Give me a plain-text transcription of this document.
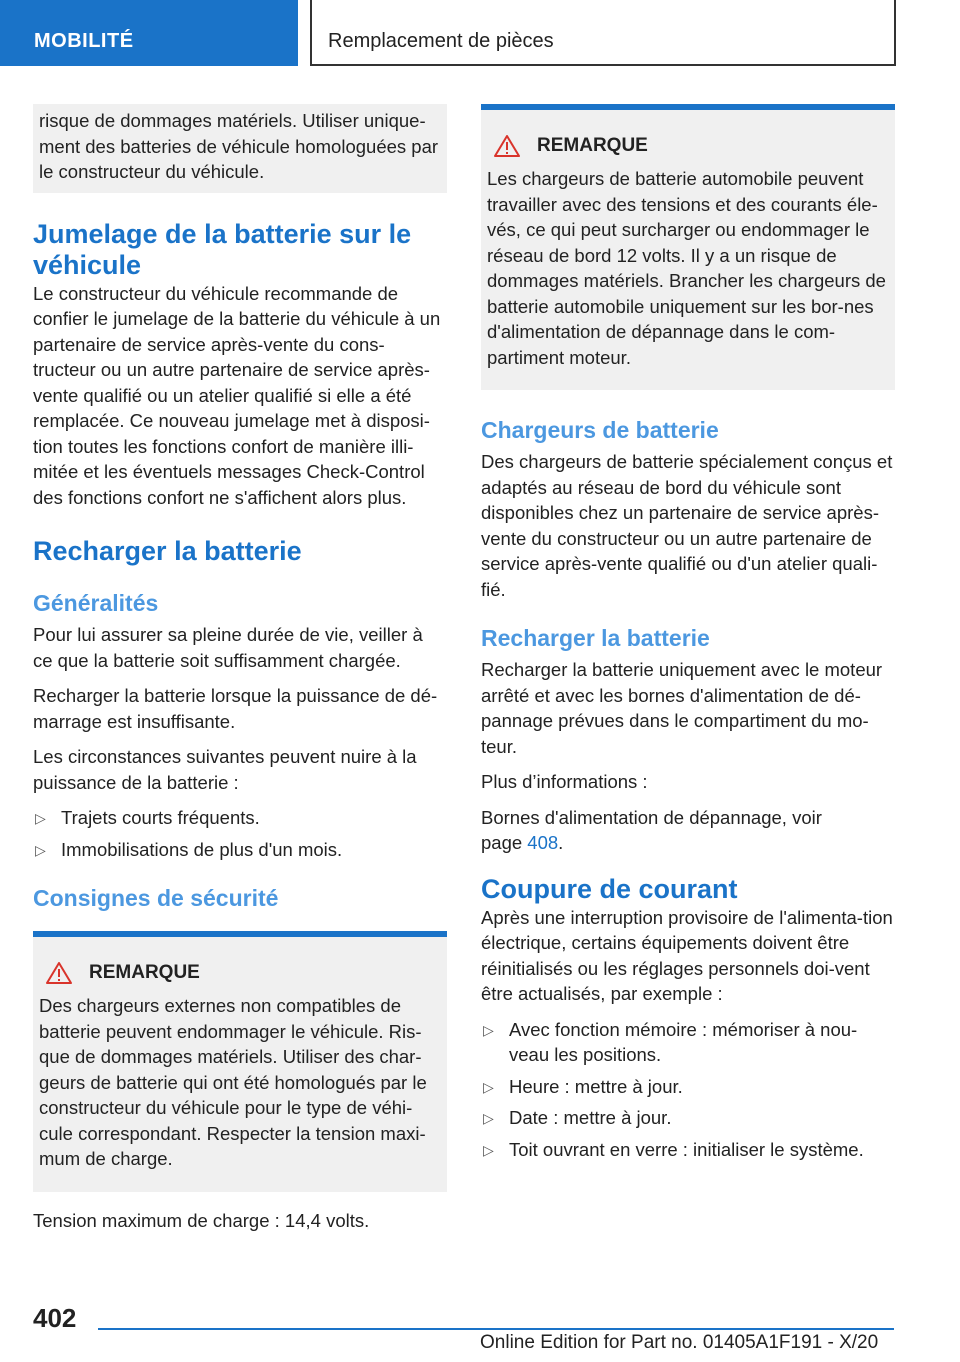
MOBILITÉ	Remplacement de pièces

risque de dommages matériels. Utiliser unique-ment des batteries de véhicule homologuées par le constructeur du véhicule.

Jumelage de la batterie sur le véhicule

Le constructeur du véhicule recommande de confier le jumelage de la batterie du véhicule à un partenaire de service après-vente du cons-tructeur ou un autre partenaire de service après-vente qualifié ou un atelier qualifié si elle a été remplacée. Ce nouveau jumelage met à disposi-tion toutes les fonctions confort de manière illi-mitée et les éventuels messages Check-Control des fonctions confort ne s'affichent alors plus.

Recharger la batterie
Généralités

Pour lui assurer sa pleine durée de vie, veiller à ce que la batterie soit suffisamment chargée.

Recharger la batterie lorsque la puissance de dé-marrage est insuffisante.

Les circonstances suivantes peuvent nuire à la puissance de la batterie :

▷ Trajets courts fréquents.
▷ Immobilisations de plus d'un mois.
Consignes de sécurité
REMARQUE

Des chargeurs externes non compatibles de batterie peuvent endommager le véhicule. Ris-que de dommages matériels. Utiliser des char-geurs de batterie qui ont été homologués par le constructeur du véhicule pour le type de véhi-cule correspondant. Respecter la tension maxi-mum de charge.

Tension maximum de charge : 14,4 volts.

REMARQUE

Les chargeurs de batterie automobile peuvent travailler avec des tensions et des courants éle-vés, ce qui peut surcharger ou endommager le réseau de bord 12 volts. Il y a un risque de dommages matériels. Brancher les chargeurs de batterie automobile uniquement sur les bor-nes d'alimentation de dépannage dans le com-partiment moteur.

Chargeurs de batterie

Des chargeurs de batterie spécialement conçus et adaptés au réseau de bord du véhicule sont disponibles chez un partenaire de service après-vente du constructeur ou un autre partenaire de service après-vente qualifié ou d'un atelier quali-fié.

Recharger la batterie

Recharger la batterie uniquement avec le moteur arrêté et avec les bornes d'alimentation de dé-pannage prévues dans le compartiment du mo-teur.

Plus d’informations :

Bornes d'alimentation de dépannage, voir
page 408.

Coupure de courant

Après une interruption provisoire de l'alimenta-tion électrique, certains équipements doivent être réinitialisés ou les réglages personnels doi-vent être actualisés, par exemple :

▷ Avec fonction mémoire : mémoriser à nou-veau les positions.
▷ Heure : mettre à jour.
▷ Date : mettre à jour.
▷ Toit ouvrant en verre : initialiser le système.
402
Online Edition for Part no. 01405A1F191 - X/20
